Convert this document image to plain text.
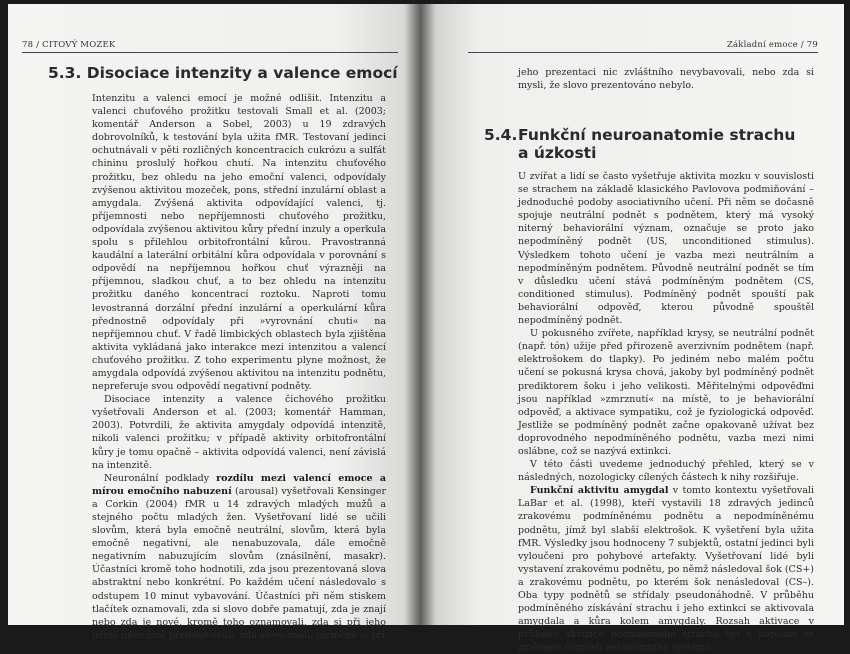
78 / CITOVÝ MOZEK
5.3. Disociace intenzity a valence emocí

Intenzitu a valenci emocí je možné odlišit. Intenzitu a valenci chuťového prožitku testovali Small et al. (2003; komentář Anderson a Sobel, 2003) u 19 zdravých dobrovolníků, k testování byla užita fMR. Testovaní jedinci ochutnávali v pěti rozličných koncentracích cukrózu a sulfát chininu proslulý hořkou chutí. Na intenzitu chuťového prožitku, bez ohledu na jeho emoční valenci, odpovídaly zvýšenou aktivitou mozeček, pons, střední inzulární oblast a amygdala. Zvýšená aktivita odpovídající valenci, tj. příjemnosti nebo nepříjemnosti chuťového prožitku, odpovídala zvýšenou aktivitou kůry přední inzuly a operkula spolu s přilehlou orbitofrontální kůrou. Pravostranná kaudální a laterální orbitální kůra odpovídala v porovnání s odpovědí na nepříjemnou hořkou chuť výrazněji na příjemnou, sladkou chuť, a to bez ohledu na intenzitu prožitku daného koncentrací roztoku. Naproti tomu levostranná dorzální přední inzulární a operkulární kůra přednostně odpovídaly při »vyrovnání chuti« na nepříjemnou chuť. V řadě limbických oblastech byla zjištěna aktivita vykládaná jako interakce mezi intenzitou a valencí chuťového prožitku. Z toho experimentu plyne možnost, že amygdala odpovídá zvýšenou aktivitou na intenzitu podnětu, nepreferuje svou odpovědí negativní podněty.

Disociace intenzity a valence čichového prožitku vyšetřovali Anderson et al. (2003; komentář Hamman, 2003). Potvrdili, že aktivita amygdaly odpovídá intenzitě, nikoli valenci prožitku; v případě aktivity orbitofrontální kůry je tomu opačně – aktivita odpovídá valenci, není závislá na intenzitě.

Neuronální podklady rozdílu mezi valencí emoce a mírou emočního nabuzení (arousal) vyšetřovali Kensinger a Corkin (2004) fMR u 14 zdravých mladých mužů a stejného počtu mladých žen. Vyšetřovaní lidé se učili slovům, která byla emočně neutrální, slovům, která byla emočně negativní, ale nenabuzovala, dále emočně negativním nabuzujícím slovům (znásilnění, masakr). Účastníci kromě toho hodnotili, zda jsou prezentovaná slova abstraktní nebo konkrétní. Po každém učení následovalo s odstupem 10 minut vybavování. Účastníci při něm stiskem tlačítek oznamovali, zda si slovo dobře pamatují, zda je znají nebo zda je nové, kromě toho oznamovali, zda si při jeho učení něco živě představovali, zda slovo znali, nicméně si při

Základní emoce / 79

jeho prezentaci nic zvláštního nevybavovali, nebo zda si mysli, že slovo prezentováno nebylo.

5.4.Funkční neuroanatomie strachu
a úzkosti

U zvířat a lidí se často vyšetřuje aktivita mozku v souvislosti se strachem na základě klasického Pavlovova podmiňování – jednoduché podoby asociativního učení. Při něm se dočasně spojuje neutrální podnět s podnětem, který má vysoký niterný behaviorální význam, označuje se proto jako nepodmíněný podnět (US, unconditioned stimulus). Výsledkem tohoto učení je vazba mezi neutrálním a nepodmíněným podnětem. Původně neutrální podnět se tím v důsledku učení stává podmíněným podnětem (CS, conditioned stimulus). Podmíněný podnět spouští pak behaviorální odpověď, kterou původně spouštěl nepodmíněný podnět.

U pokusného zvířete, například krysy, se neutrální podnět (např. tón) užije před přirozeně averzivním podnětem (např. elektrošokem do tlapky). Po jediném nebo malém počtu učení se pokusná krysa chová, jakoby byl podmíněný podnět prediktorem šoku i jeho velikosti. Měřitelnými odpověďmi jsou například »zmrznutí« na místě, to je behaviorální odpověď, a aktivace sympatiku, což je fyziologická odpověď. Jestliže se podmíněný podnět začne opakovaně užívat bez doprovodného nepodmíněného podnětu, vazba mezi nimi oslábne, což se nazývá extinkci.

V této části uvedeme jednoduchý přehled, který se v následných, nozologicky cílených částech k nihy rozšiřuje.

Funkční aktivitu amygdal v tomto kontextu vyšetřovali LaBar et al. (1998), kteří vystavili 18 zdravých jedinců zrakovému podmíněnému podnětu a nepodmíněnému podnětu, jímž byl slabší elektrošok. K vyšetření byla užita fMR. Výsledky jsou hodnoceny 7 subjektů, ostatní jedinci byli vyloučeni pro pohybové artefakty. Vyšetřovaní lidé byli vystavení zrakovému podnětu, po němž následoval šok (CS+) a zrakovému podnětu, po kterém šok nenásledoval (CS–). Oba typy podnětů se střídaly pseudonáhodně. V průběhu podmíněného získávání strachu i jeho extinkci se aktivovala amygdala a kůra kolem amygdaly. Rozsah aktivace v průběhu akvizice podmíněného strachu byl v korelaci se změnami činnosti autonomního systému.
